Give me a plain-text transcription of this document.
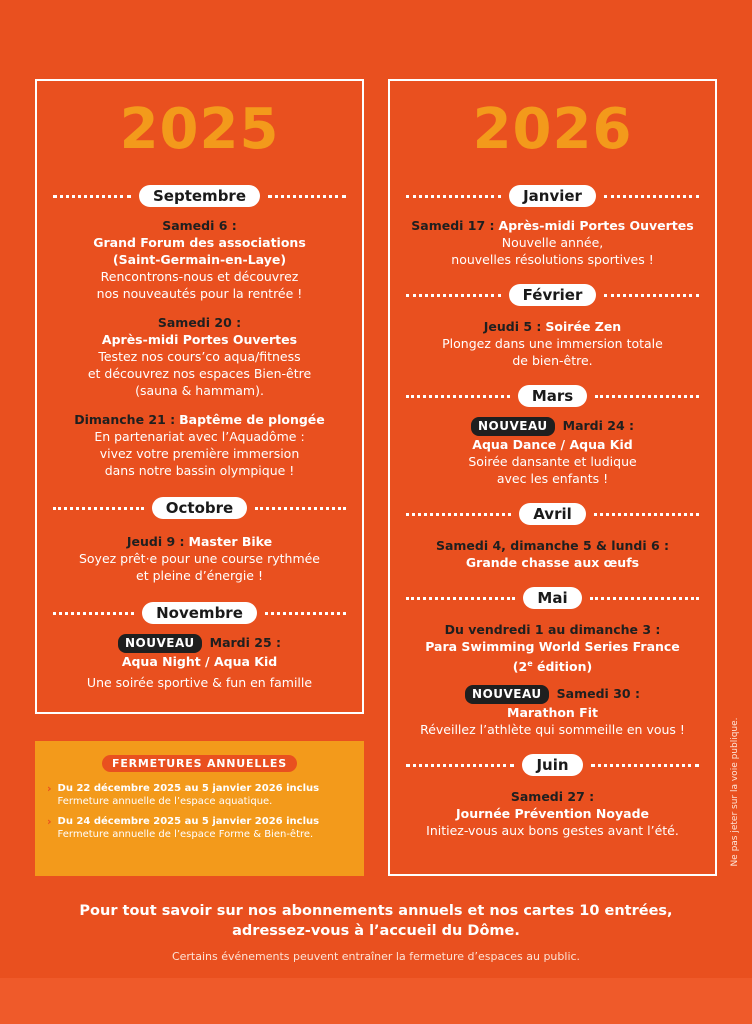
2025
Septembre
Samedi 6 :
Grand Forum des associations
(Saint-Germain-en-Laye)
Rencontrons-nous et découvrez
nos nouveautés pour la rentrée !
Samedi 20 :
Après-midi Portes Ouvertes
Testez nos cours’co aqua/fitness
et découvrez nos espaces Bien-être
(sauna & hammam).
Dimanche 21 : Baptême de plongée
En partenariat avec l’Aquadôme :
vivez votre première immersion
dans notre bassin olympique !
Octobre
Jeudi 9 : Master Bike
Soyez prêt·e pour une course rythmée
et pleine d’énergie !
Novembre
NOUVEAU Mardi 25 :
Aqua Night / Aqua Kid
Une soirée sportive & fun en famille
2026
Janvier
Samedi 17 : Après-midi Portes Ouvertes
Nouvelle année,
nouvelles résolutions sportives !
Février
Jeudi 5 : Soirée Zen
Plongez dans une immersion totale
de bien-être.
Mars
NOUVEAU Mardi 24 :
Aqua Dance / Aqua Kid
Soirée dansante et ludique
avec les enfants !
Avril
Samedi 4, dimanche 5 & lundi 6 :
Grande chasse aux œufs
Mai
Du vendredi 1 au dimanche 3 :
Para Swimming World Series France
(2e édition)
NOUVEAU Samedi 30 :
Marathon Fit
Réveillez l’athlète qui sommeille en vous !
Juin
Samedi 27 :
Journée Prévention Noyade
Initiez-vous aux bons gestes avant l’été.
FERMETURES ANNUELLES
› Du 22 décembre 2025 au 5 janvier 2026 inclus
Fermeture annuelle de l’espace aquatique.
› Du 24 décembre 2025 au 5 janvier 2026 inclus
Fermeture annuelle de l’espace Forme & Bien-être.
Pour tout savoir sur nos abonnements annuels et nos cartes 10 entrées,
adressez-vous à l’accueil du Dôme.
Certains événements peuvent entraîner la fermeture d’espaces au public.
Ne pas jeter sur la voie publique.
